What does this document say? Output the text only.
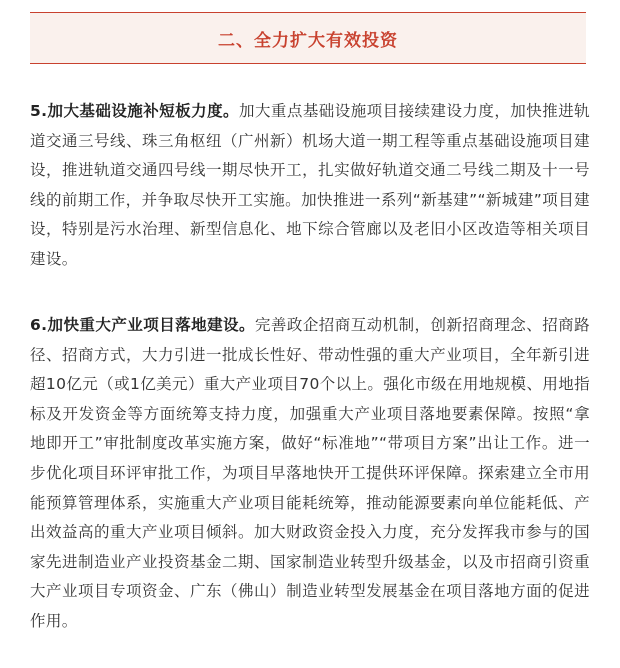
二、全力扩大有效投资

5.加大基础设施补短板力度。加大重点基础设施项目接续建设力度，加快推进轨道交通三号线、珠三角枢纽（广州新）机场大道一期工程等重点基础设施项目建设，推进轨道交通四号线一期尽快开工，扎实做好轨道交通二号线二期及十一号线的前期工作，并争取尽快开工实施。加快推进一系列“新基建”“新城建”项目建设，特别是污水治理、新型信息化、地下综合管廊以及老旧小区改造等相关项目建设。

6.加快重大产业项目落地建设。完善政企招商互动机制，创新招商理念、招商路径、招商方式，大力引进一批成长性好、带动性强的重大产业项目，全年新引进超10亿元（或1亿美元）重大产业项目70个以上。强化市级在用地规模、用地指标及开发资金等方面统筹支持力度，加强重大产业项目落地要素保障。按照“拿地即开工”审批制度改革实施方案，做好“标准地”“带项目方案”出让工作。进一步优化项目环评审批工作，为项目早落地快开工提供环评保障。探索建立全市用能预算管理体系，实施重大产业项目能耗统筹，推动能源要素向单位能耗低、产出效益高的重大产业项目倾斜。加大财政资金投入力度，充分发挥我市参与的国家先进制造业产业投资基金二期、国家制造业转型升级基金，以及市招商引资重大产业项目专项资金、广东（佛山）制造业转型发展基金在项目落地方面的促进作用。
